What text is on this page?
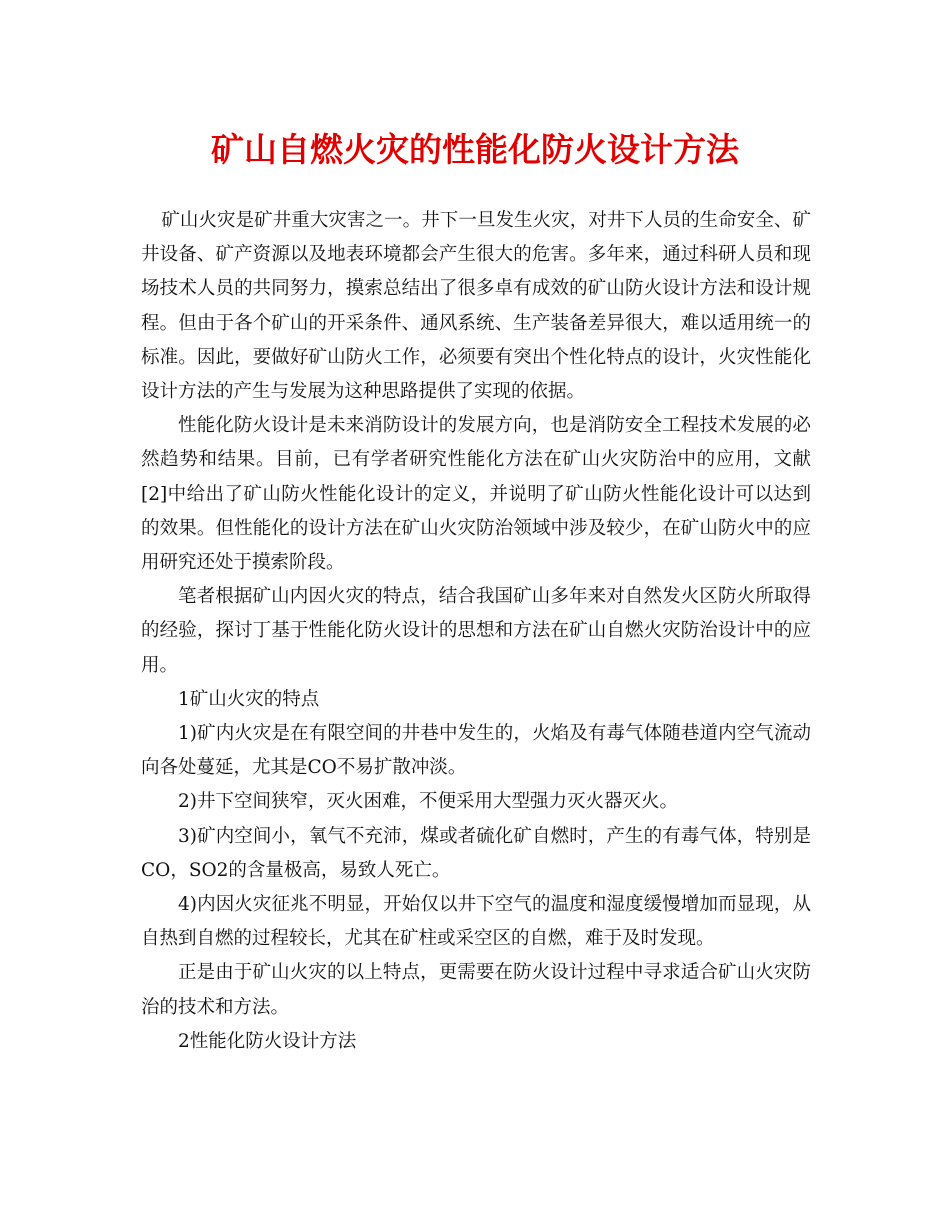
矿山自燃火灾的性能化防火设计方法

矿山火灾是矿井重大灾害之一。井下一旦发生火灾，对井下人员的生命安全、矿井设备、矿产资源以及地表环境都会产生很大的危害。多年来，通过科研人员和现场技术人员的共同努力，摸索总结出了很多卓有成效的矿山防火设计方法和设计规程。但由于各个矿山的开采条件、通风系统、生产装备差异很大，难以适用统一的标准。因此，要做好矿山防火工作，必须要有突出个性化特点的设计，火灾性能化设计方法的产生与发展为这种思路提供了实现的依据。

性能化防火设计是未来消防设计的发展方向，也是消防安全工程技术发展的必然趋势和结果。目前，已有学者研究性能化方法在矿山火灾防治中的应用，文献[2]中给出了矿山防火性能化设计的定义，并说明了矿山防火性能化设计可以达到的效果。但性能化的设计方法在矿山火灾防治领域中涉及较少，在矿山防火中的应用研究还处于摸索阶段。

笔者根据矿山内因火灾的特点，结合我国矿山多年来对自然发火区防火所取得的经验，探讨丁基于性能化防火设计的思想和方法在矿山自燃火灾防治设计中的应用。

1矿山火灾的特点

1)矿内火灾是在有限空间的井巷中发生的，火焰及有毒气体随巷道内空气流动向各处蔓延，尤其是CO不易扩散冲淡。

2)井下空间狭窄，灭火困难，不便采用大型强力灭火器灭火。

3)矿内空间小，氧气不充沛，煤或者硫化矿自燃时，产生的有毒气体，特别是CO，SO2的含量极高，易致人死亡。

4)内因火灾征兆不明显，开始仅以井下空气的温度和湿度缓慢增加而显现，从自热到自燃的过程较长，尤其在矿柱或采空区的自燃，难于及时发现。

正是由于矿山火灾的以上特点，更需要在防火设计过程中寻求适合矿山火灾防治的技术和方法。

2性能化防火设计方法
